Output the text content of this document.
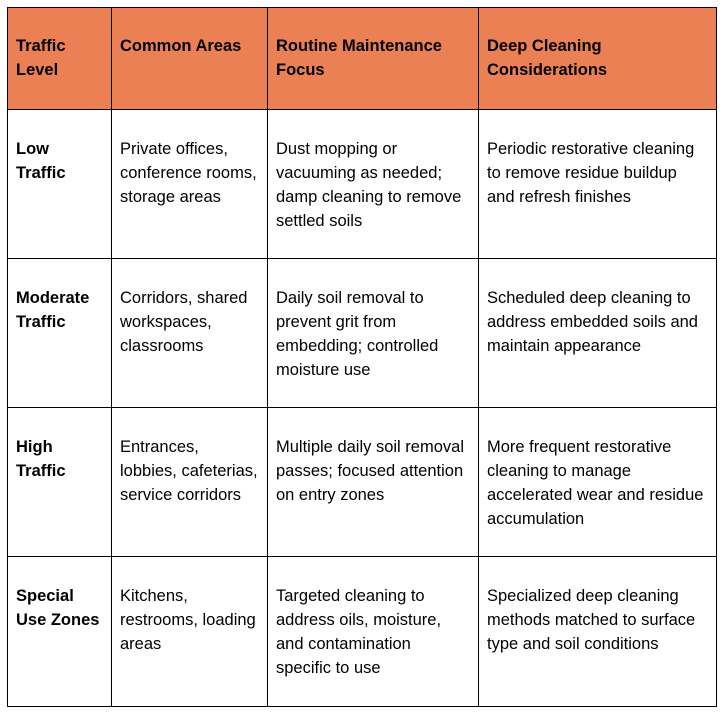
Traffic Level	Common Areas	Routine Maintenance Focus	Deep Cleaning Considerations
Low Traffic	Private offices, conference rooms, storage areas	Dust mopping or vacuuming as needed; damp cleaning to remove settled soils	Periodic restorative cleaning to remove residue buildup and refresh finishes
Moderate Traffic	Corridors, shared workspaces, classrooms	Daily soil removal to prevent grit from embedding; controlled moisture use	Scheduled deep cleaning to address embedded soils and maintain appearance
High Traffic	Entrances, lobbies, cafeterias, service corridors	Multiple daily soil removal passes; focused attention on entry zones	More frequent restorative cleaning to manage accelerated wear and residue accumulation
Special Use Zones	Kitchens, restrooms, loading areas	Targeted cleaning to address oils, moisture, and contamination specific to use	Specialized deep cleaning methods matched to surface type and soil conditions
